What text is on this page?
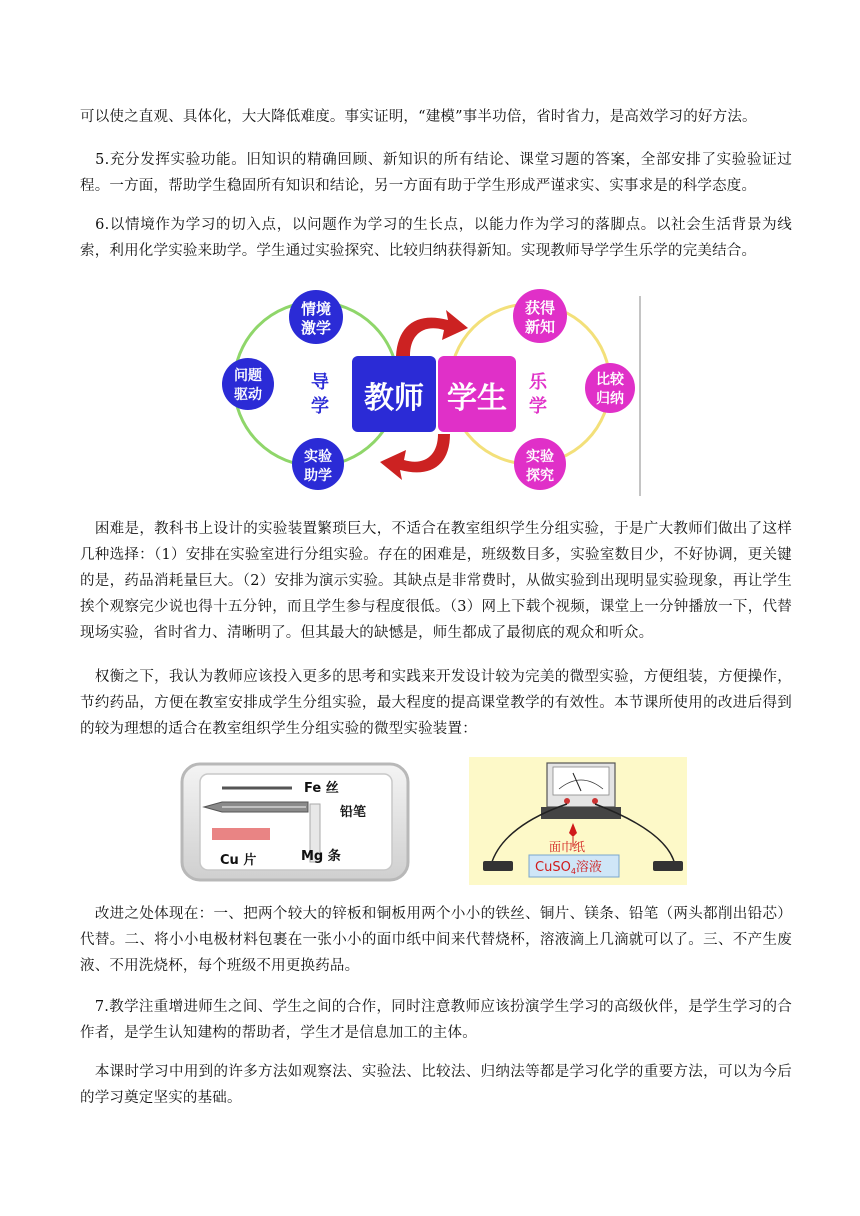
可以使之直观、具体化，大大降低难度。事实证明，“建模”事半功倍，省时省力，是高效学习的好方法。

　5.充分发挥实验功能。旧知识的精确回顾、新知识的所有结论、课堂习题的答案，全部安排了实验验证过程。一方面，帮助学生稳固所有知识和结论，另一方面有助于学生形成严谨求实、实事求是的科学态度。

　6.以情境作为学习的切入点，以问题作为学习的生长点，以能力作为学习的落脚点。以社会生活背景为线索，利用化学实验来助学。学生通过实验探究、比较归纳获得新知。实现教师导学学生乐学的完美结合。

情境
激学
问题
驱动
实验
助学
导
学 教师 学生 乐
学
获得
新知
比较
归纳
实验
探究

　困难是，教科书上设计的实验装置繁琐巨大，不适合在教室组织学生分组实验，于是广大教师们做出了这样几种选择：（1）安排在实验室进行分组实验。存在的困难是，班级数目多，实验室数目少，不好协调，更关键的是，药品消耗量巨大。（2）安排为演示实验。其缺点是非常费时，从做实验到出现明显实验现象，再让学生挨个观察完少说也得十五分钟，而且学生参与程度很低。（3）网上下载个视频，课堂上一分钟播放一下，代替现场实验，省时省力、清晰明了。但其最大的缺憾是，师生都成了最彻底的观众和听众。

　权衡之下，我认为教师应该投入更多的思考和实践来开发设计较为完美的微型实验，方便组装，方便操作，节约药品，方便在教室安排成学生分组实验，最大程度的提高课堂教学的有效性。本节课所使用的改进后得到的较为理想的适合在教室组织学生分组实验的微型实验装置：

Fe 丝
铅笔
Mg 条
Cu 片
面巾纸
CuSO$_4$溶液

　改进之处体现在：一、把两个较大的锌板和铜板用两个小小的铁丝、铜片、镁条、铅笔（两头都削出铅芯）代替。二、将小小电极材料包裹在一张小小的面巾纸中间来代替烧杯，溶液滴上几滴就可以了。三、不产生废液、不用洗烧杯，每个班级不用更换药品。

　7.教学注重增进师生之间、学生之间的合作，同时注意教师应该扮演学生学习的高级伙伴，是学生学习的合作者，是学生认知建构的帮助者，学生才是信息加工的主体。

　本课时学习中用到的许多方法如观察法、实验法、比较法、归纳法等都是学习化学的重要方法，可以为今后的学习奠定坚实的基础。
